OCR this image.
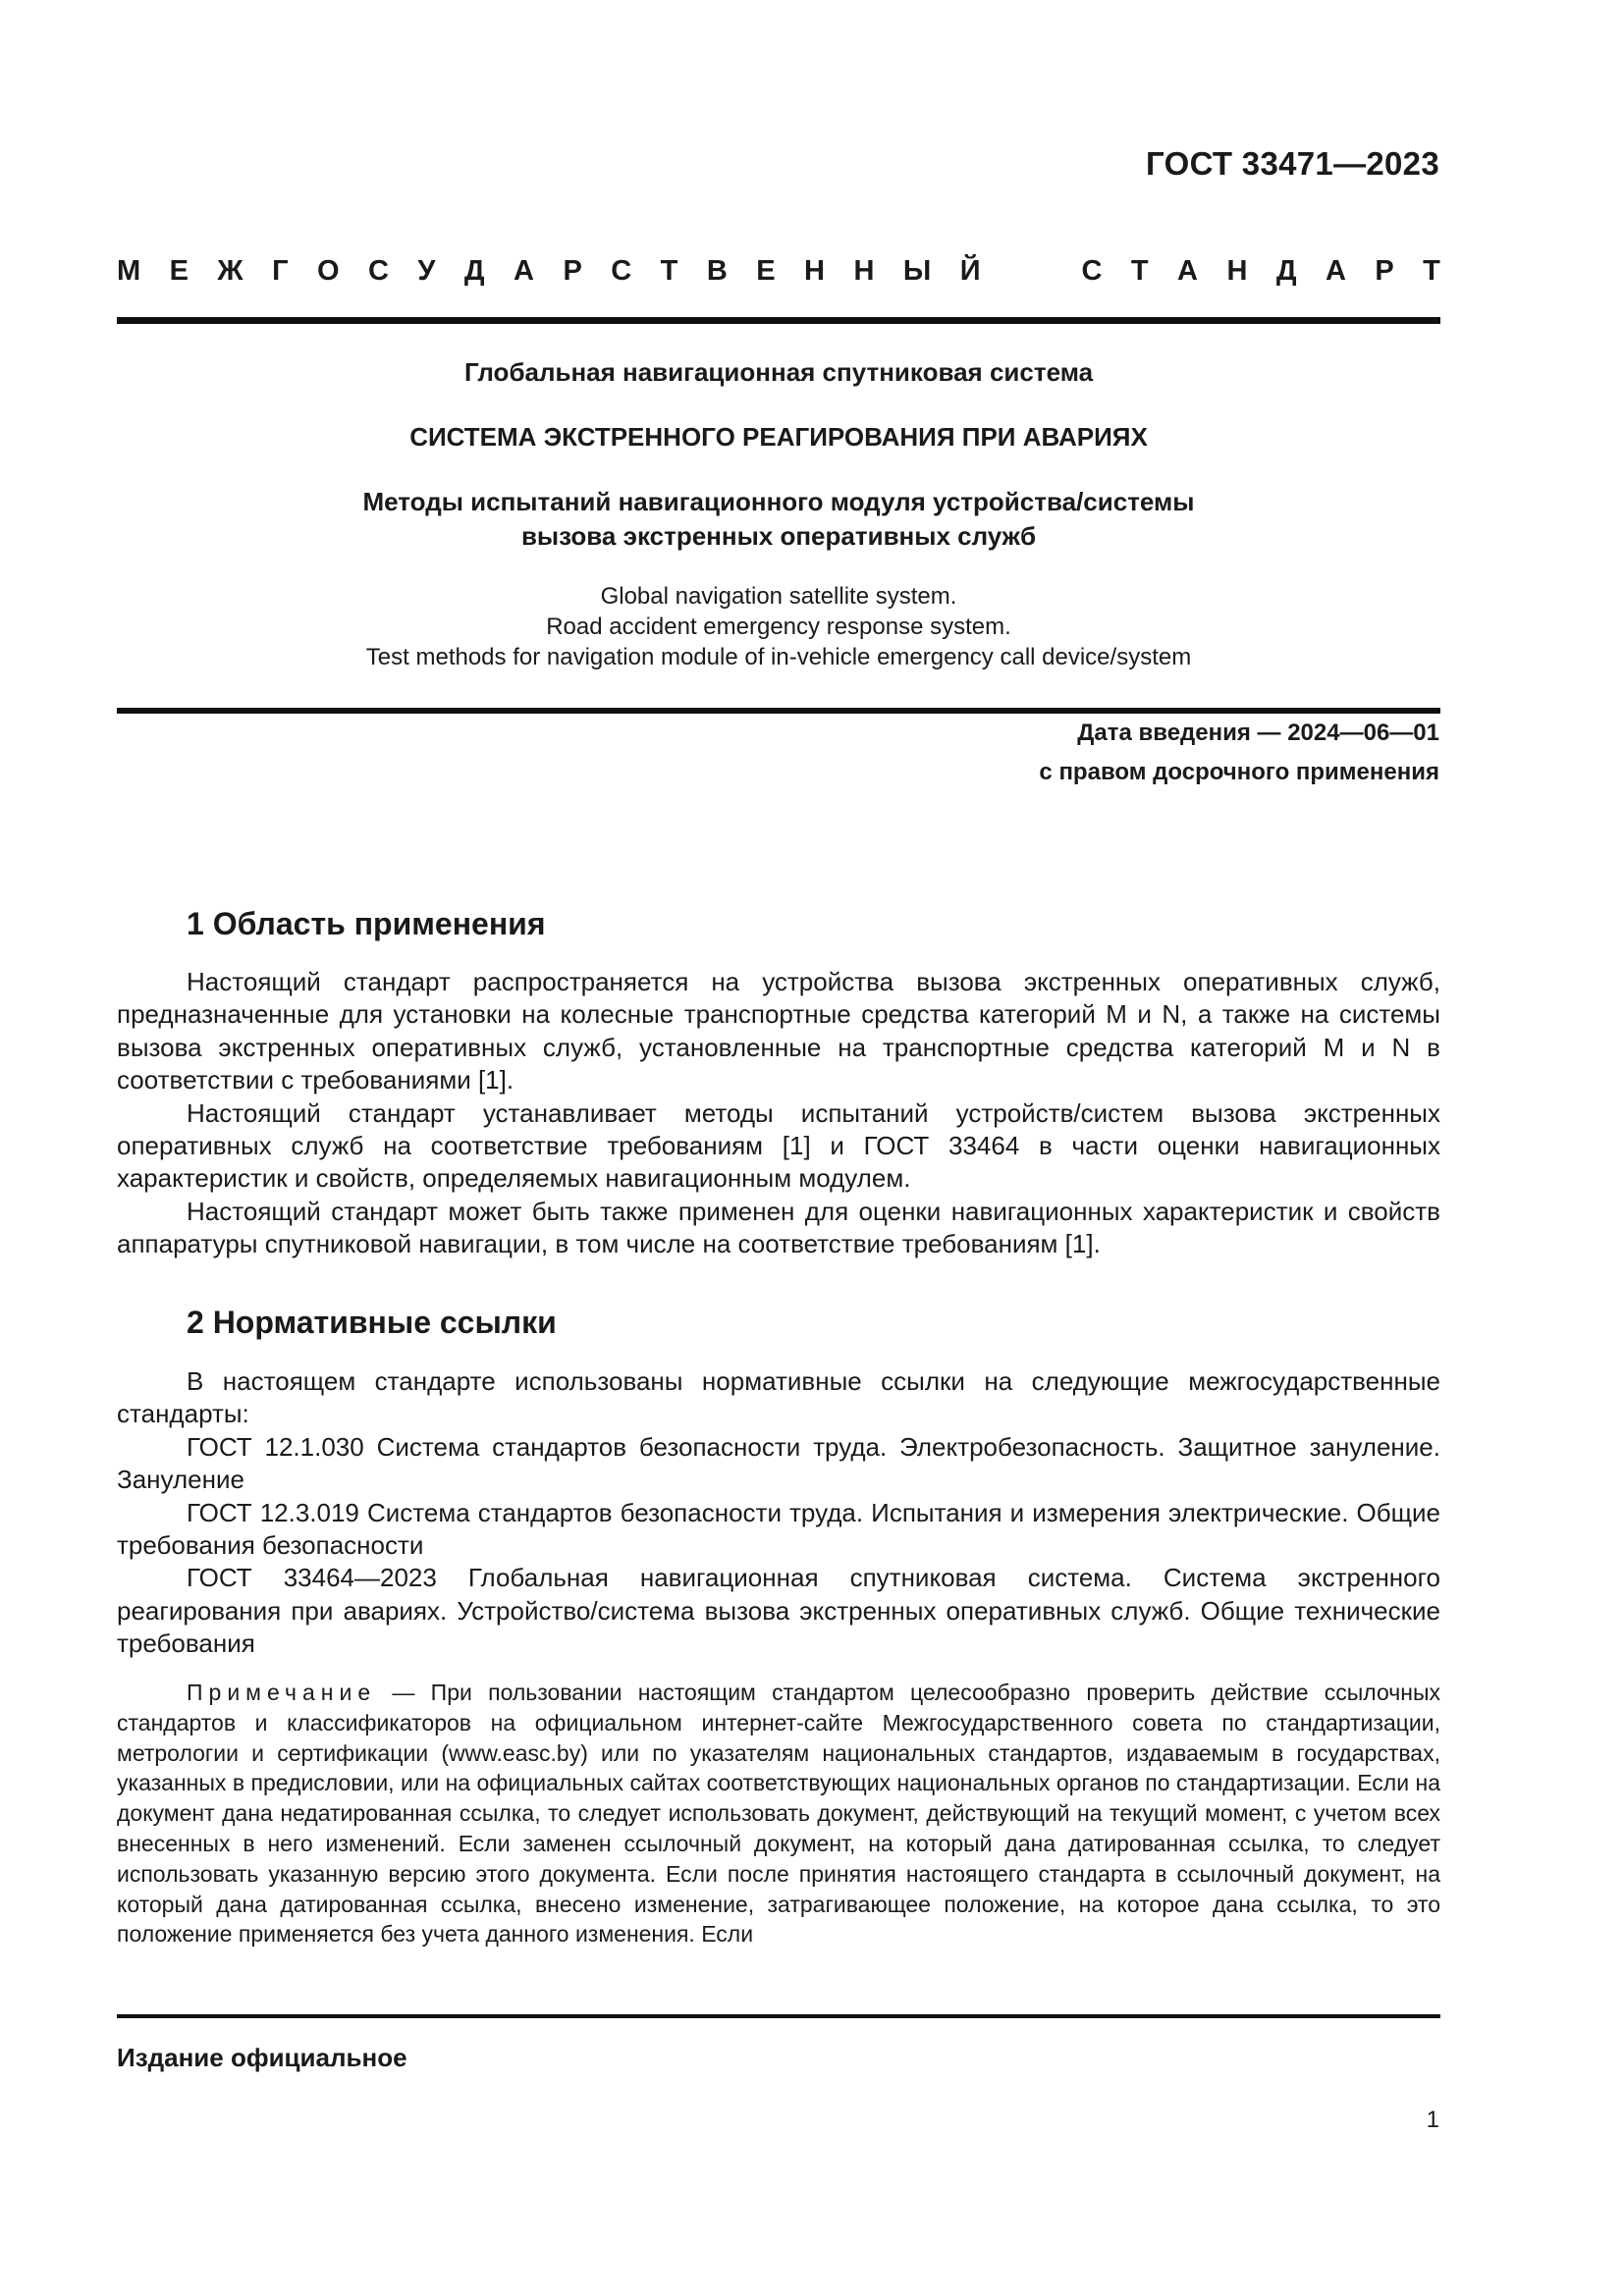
ГОСТ 33471—2023
М Е Ж Г О С У Д А Р С Т В Е Н Н Ы Й	С Т А Н Д А Р Т
Глобальная навигационная спутниковая система
СИСТЕМА ЭКСТРЕННОГО РЕАГИРОВАНИЯ ПРИ АВАРИЯХ
Методы испытаний навигационного модуля устройства/системы
вызова экстренных оперативных служб
Global navigation satellite system.
Road accident emergency response system.
Test methods for navigation module of in-vehicle emergency call device/system
Дата введения — 2024—06—01
с правом досрочного применения
1 Область применения

Настоящий стандарт распространяется на устройства вызова экстренных оперативных служб, предназначенные для установки на колесные транспортные средства категорий М и N, а также на системы вызова экстренных оперативных служб, установленные на транспортные средства категорий М и N в соответствии с требованиями [1].

Настоящий стандарт устанавливает методы испытаний устройств/систем вызова экстренных оперативных служб на соответствие требованиям [1] и ГОСТ 33464 в части оценки навигационных характеристик и свойств, определяемых навигационным модулем.

Настоящий стандарт может быть также применен для оценки навигационных характеристик и свойств аппаратуры спутниковой навигации, в том числе на соответствие требованиям [1].

2 Нормативные ссылки

В настоящем стандарте использованы нормативные ссылки на следующие межгосударственные стандарты:

ГОСТ 12.1.030 Система стандартов безопасности труда. Электробезопасность. Защитное зануление. Зануление

ГОСТ 12.3.019 Система стандартов безопасности труда. Испытания и измерения электрические. Общие требования безопасности

ГОСТ 33464—2023 Глобальная навигационная спутниковая система. Система экстренного реагирования при авариях. Устройство/система вызова экстренных оперативных служб. Общие технические требования

Примечание — При пользовании настоящим стандартом целесообразно проверить действие ссылочных стандартов и классификаторов на официальном интернет-сайте Межгосударственного совета по стандартизации, метрологии и сертификации (www.easc.by) или по указателям национальных стандартов, издаваемым в государствах, указанных в предисловии, или на официальных сайтах соответствующих национальных органов по стандартизации. Если на документ дана недатированная ссылка, то следует использовать документ, действующий на текущий момент, с учетом всех внесенных в него изменений. Если заменен ссылочный документ, на который дана датированная ссылка, то следует использовать указанную версию этого документа. Если после принятия настоящего стандарта в ссылочный документ, на который дана датированная ссылка, внесено изменение, затрагивающее положение, на которое дана ссылка, то это положение применяется без учета данного изменения. Если
Издание официальное
1
